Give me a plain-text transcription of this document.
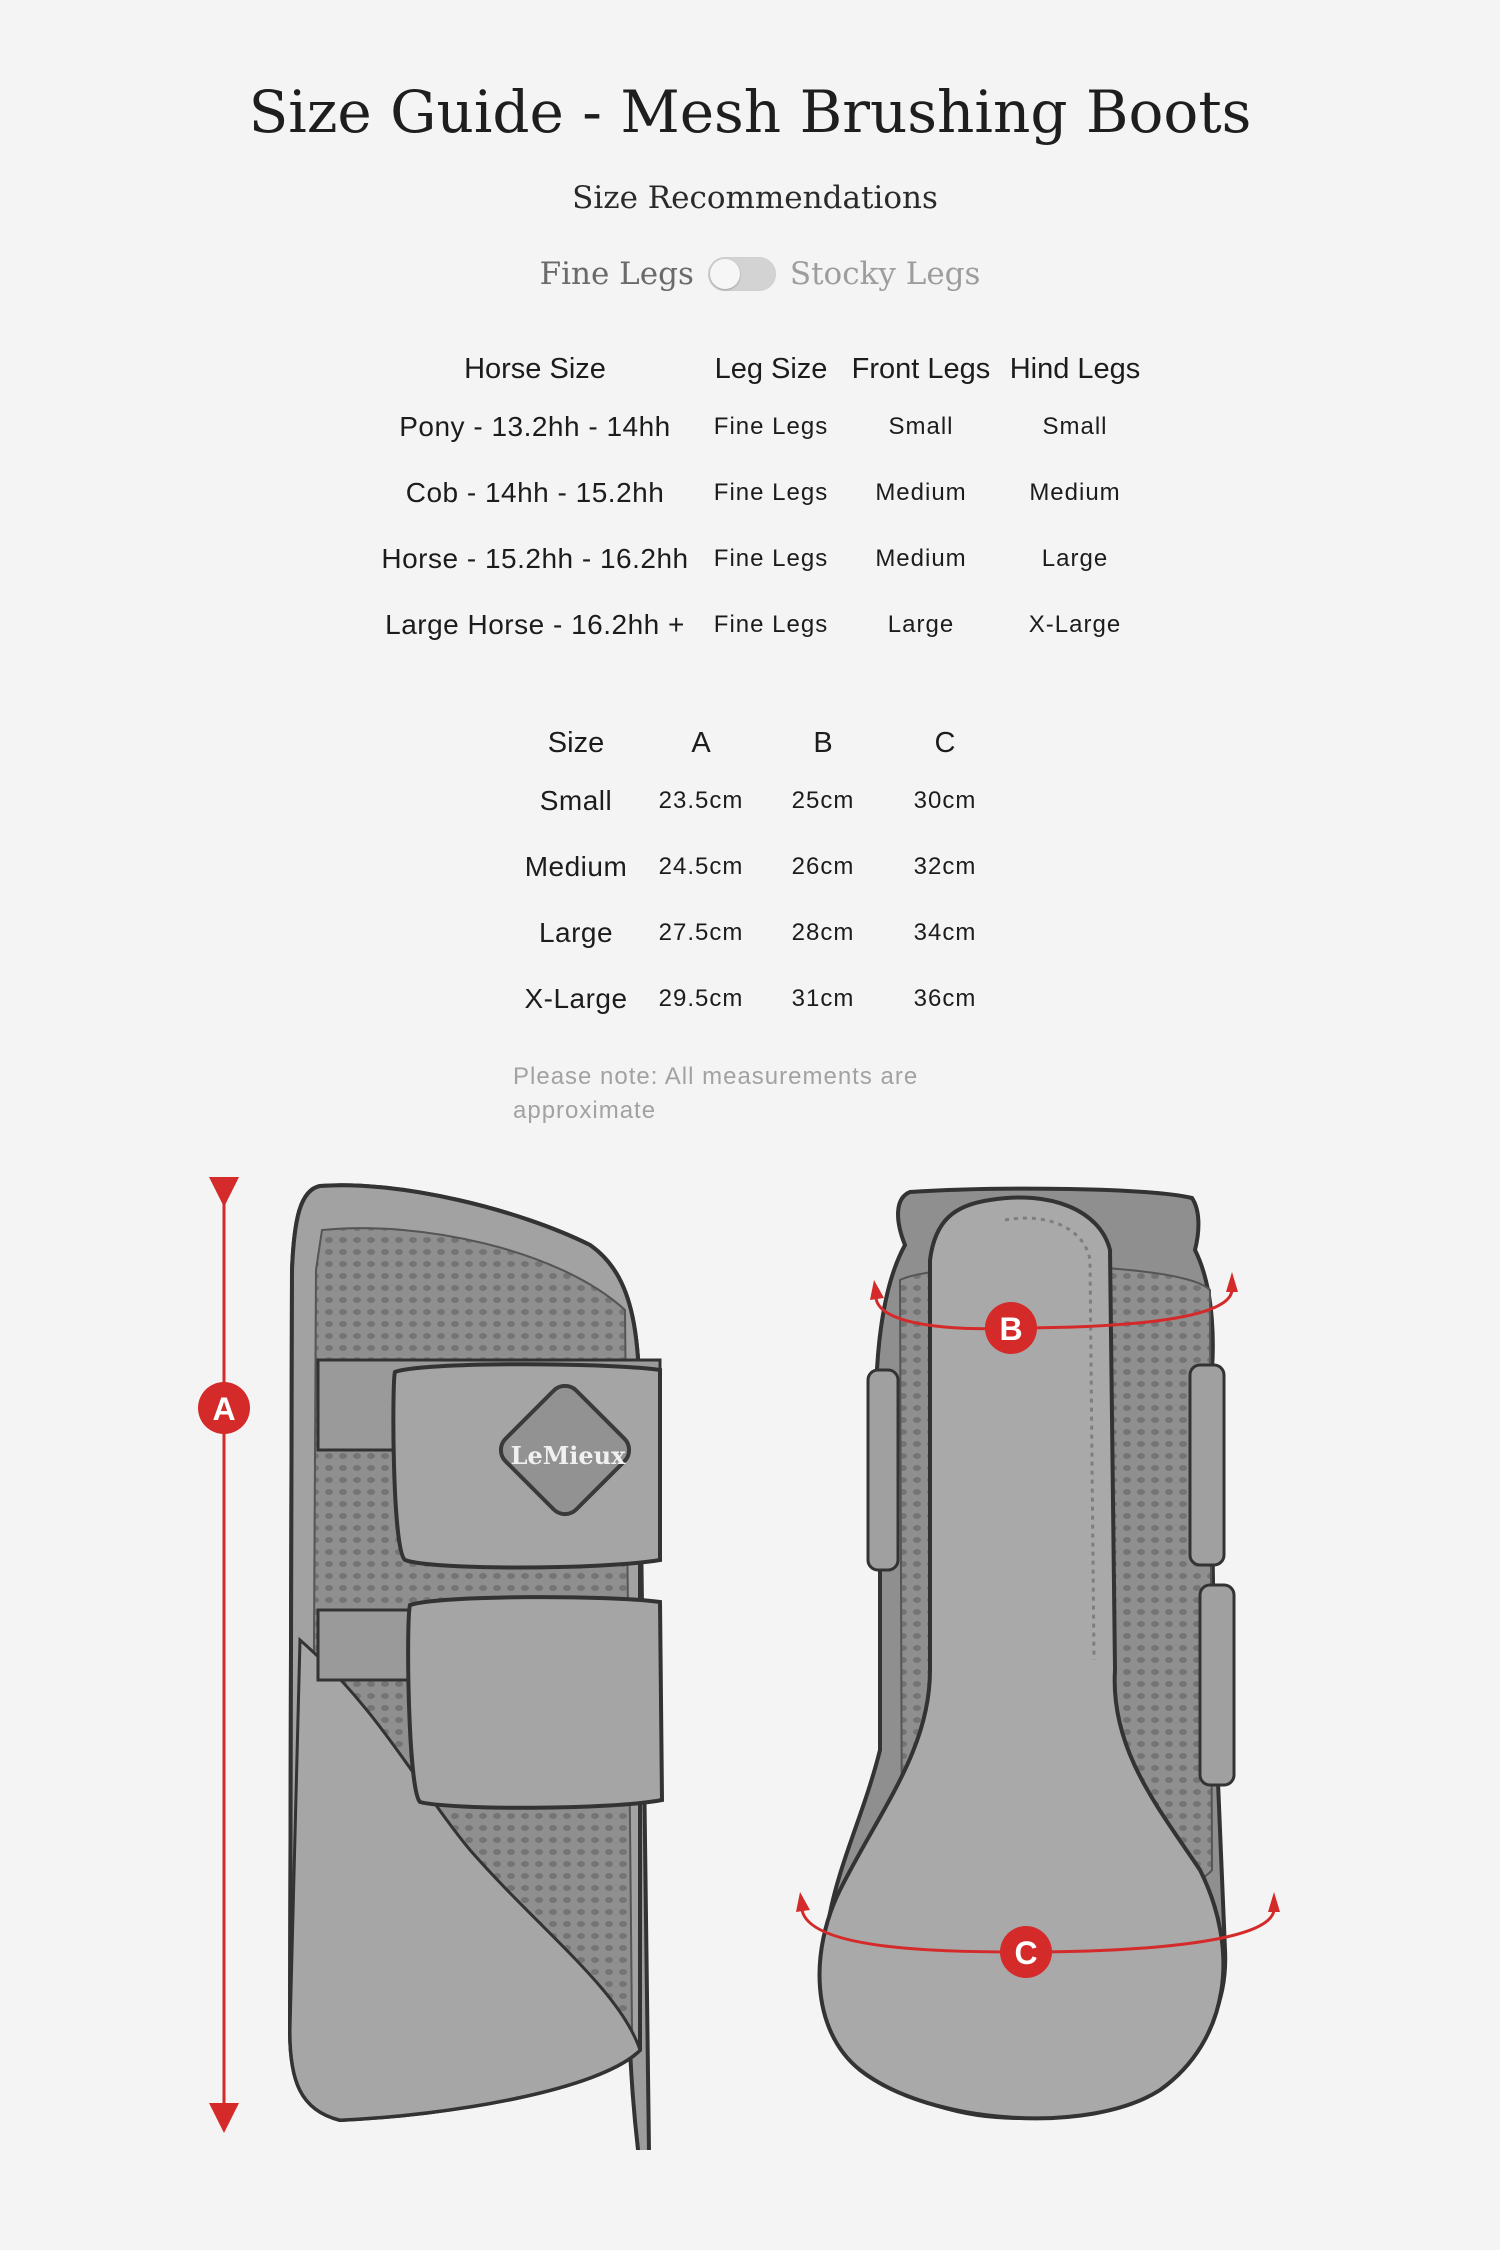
Size Guide - Mesh Brushing Boots
Size Recommendations
Fine Legs	Stocky Legs
Horse Size	Leg Size	Front Legs	Hind Legs
Pony - 13.2hh - 14hh	Fine Legs	Small	Small
Cob - 14hh - 15.2hh	Fine Legs	Medium	Medium
Horse - 15.2hh - 16.2hh	Fine Legs	Medium	Large
Large Horse - 16.2hh +	Fine Legs	Large	X-Large
Size	A	B	C
Small	23.5cm	25cm	30cm
Medium	24.5cm	26cm	32cm
Large	27.5cm	28cm	34cm
X-Large	29.5cm	31cm	36cm
Please note: All measurements are approximate
A
LeMieux
B
C
